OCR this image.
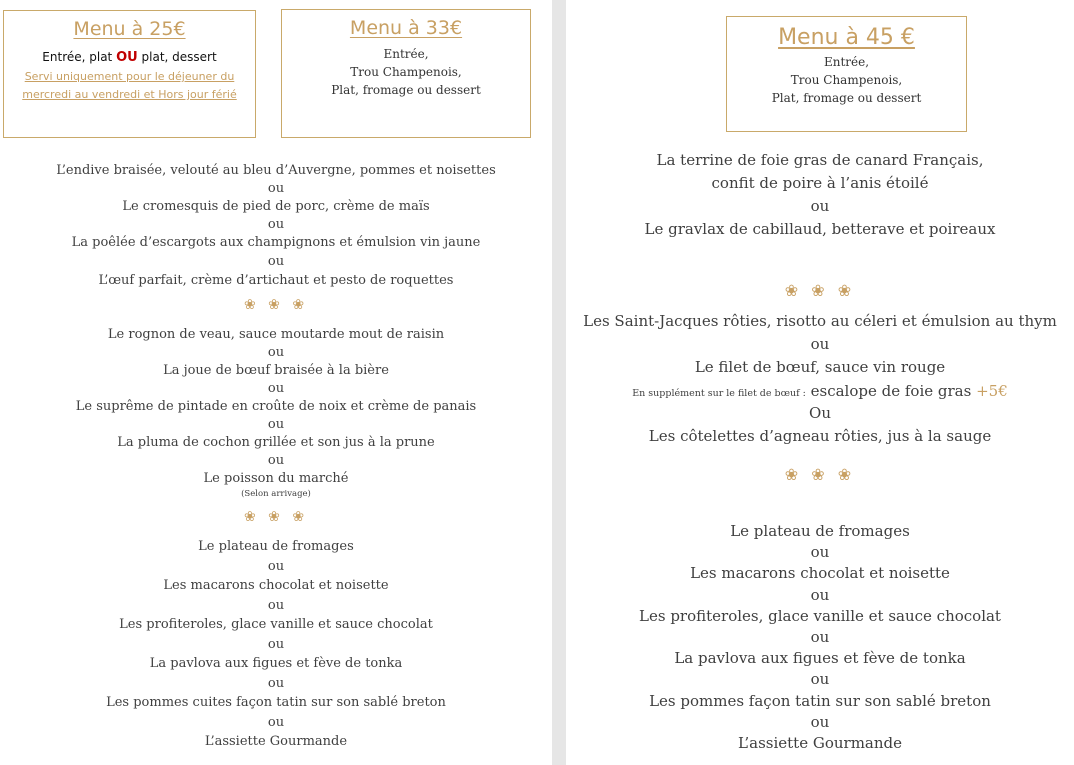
Menu à 25€
Entrée, plat OU plat, dessert
Servi uniquement pour le déjeuner du
mercredi au vendredi et Hors jour férié
Menu à 33€
Entrée,
Trou Champenois,
Plat, fromage ou dessert
L’endive braisée, velouté au bleu d’Auvergne, pommes et noisettes
ou
Le cromesquis de pied de porc, crème de maïs
ou
La poêlée d’escargots aux champignons et émulsion vin jaune
ou
L’œuf parfait, crème d’artichaut et pesto de roquettes
❀ ❀ ❀
Le rognon de veau, sauce moutarde mout de raisin
ou
La joue de bœuf braisée à la bière
ou
Le suprême de pintade en croûte de noix et crème de panais
ou
La pluma de cochon grillée et son jus à la prune
ou
Le poisson du marché
(Selon arrivage)
❀ ❀ ❀
Le plateau de fromages
ou
Les macarons chocolat et noisette
ou
Les profiteroles, glace vanille et sauce chocolat
ou
La pavlova aux figues et fève de tonka
ou
Les pommes cuites façon tatin sur son sablé breton
ou
L’assiette Gourmande
Menu à 45 €
Entrée,
Trou Champenois,
Plat, fromage ou dessert
La terrine de foie gras de canard Français,
confit de poire à l’anis étoilé
ou
Le gravlax de cabillaud, betterave et poireaux
❀ ❀ ❀
Les Saint-Jacques rôties, risotto au céleri et émulsion au thym
ou
Le filet de bœuf, sauce vin rouge
En supplément sur le filet de bœuf : escalope de foie gras +5€
Ou
Les côtelettes d’agneau rôties, jus à la sauge
❀ ❀ ❀
Le plateau de fromages
ou
Les macarons chocolat et noisette
ou
Les profiteroles, glace vanille et sauce chocolat
ou
La pavlova aux figues et fève de tonka
ou
Les pommes façon tatin sur son sablé breton
ou
L’assiette Gourmande
